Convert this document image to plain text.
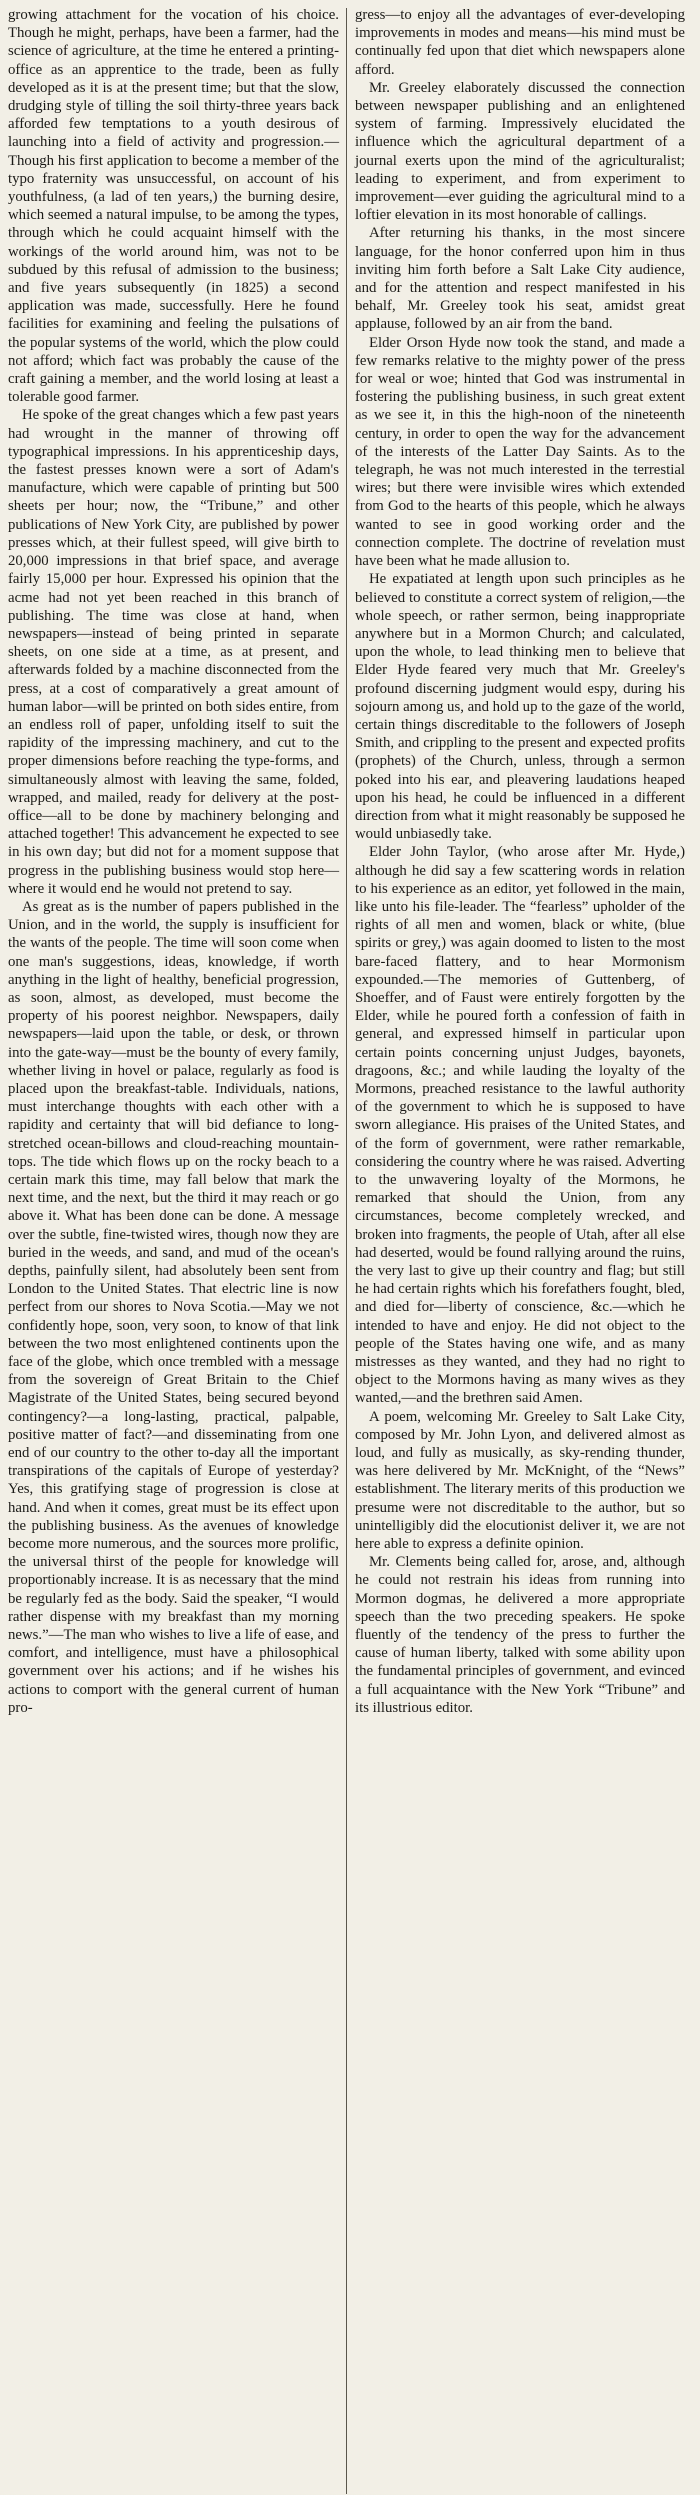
growing attachment for the vocation of his choice. Though he might, perhaps, have been a farmer, had the science of agriculture, at the time he entered a printing-office as an apprentice to the trade, been as fully developed as it is at the present time; but that the slow, drudging style of tilling the soil thirty-three years back afforded few temptations to a youth desirous of launching into a field of activity and progression.—Though his first application to become a member of the typo fraternity was unsuccessful, on account of his youthfulness, (a lad of ten years,) the burning desire, which seemed a natural impulse, to be among the types, through which he could acquaint himself with the workings of the world around him, was not to be subdued by this refusal of admission to the business; and five years subsequently (in 1825) a second application was made, successfully. Here he found facilities for examining and feeling the pulsations of the popular systems of the world, which the plow could not afford; which fact was probably the cause of the craft gaining a member, and the world losing at least a tolerable good farmer.

He spoke of the great changes which a few past years had wrought in the manner of throwing off typographical impressions. In his apprenticeship days, the fastest presses known were a sort of Adam's manufacture, which were capable of printing but 500 sheets per hour; now, the “Tribune,” and other publications of New York City, are published by power presses which, at their fullest speed, will give birth to 20,000 impressions in that brief space, and average fairly 15,000 per hour. Expressed his opinion that the acme had not yet been reached in this branch of publishing. The time was close at hand, when newspapers—instead of being printed in separate sheets, on one side at a time, as at present, and afterwards folded by a machine disconnected from the press, at a cost of comparatively a great amount of human labor—will be printed on both sides entire, from an endless roll of paper, unfolding itself to suit the rapidity of the impressing machinery, and cut to the proper dimensions before reaching the type-forms, and simultaneously almost with leaving the same, folded, wrapped, and mailed, ready for delivery at the post-office—all to be done by machinery belonging and attached together! This advancement he expected to see in his own day; but did not for a moment suppose that progress in the publishing business would stop here—where it would end he would not pretend to say.

As great as is the number of papers published in the Union, and in the world, the supply is insufficient for the wants of the people. The time will soon come when one man's suggestions, ideas, knowledge, if worth anything in the light of healthy, beneficial progression, as soon, almost, as developed, must become the property of his poorest neighbor. Newspapers, daily newspapers—laid upon the table, or desk, or thrown into the gate-way—must be the bounty of every family, whether living in hovel or palace, regularly as food is placed upon the breakfast-table. Individuals, nations, must interchange thoughts with each other with a rapidity and certainty that will bid defiance to long-stretched ocean-billows and cloud-reaching mountain-tops. The tide which flows up on the rocky beach to a certain mark this time, may fall below that mark the next time, and the next, but the third it may reach or go above it. What has been done can be done. A message over the subtle, fine-twisted wires, though now they are buried in the weeds, and sand, and mud of the ocean's depths, painfully silent, had absolutely been sent from London to the United States. That electric line is now perfect from our shores to Nova Scotia.—May we not confidently hope, soon, very soon, to know of that link between the two most enlightened continents upon the face of the globe, which once trembled with a message from the sovereign of Great Britain to the Chief Magistrate of the United States, being secured beyond contingency?—a long-lasting, practical, palpable, positive matter of fact?—and disseminating from one end of our country to the other to-day all the important transpirations of the capitals of Europe of yesterday? Yes, this gratifying stage of progression is close at hand. And when it comes, great must be its effect upon the publishing business. As the avenues of knowledge become more numerous, and the sources more prolific, the universal thirst of the people for knowledge will proportionably increase. It is as necessary that the mind be regularly fed as the body. Said the speaker, “I would rather dispense with my breakfast than my morning news.”—The man who wishes to live a life of ease, and comfort, and intelligence, must have a philosophical government over his actions; and if he wishes his actions to comport with the general current of human pro-

gress—to enjoy all the advantages of ever-developing improvements in modes and means—his mind must be continually fed upon that diet which newspapers alone afford.

Mr. Greeley elaborately discussed the connection between newspaper publishing and an enlightened system of farming. Impressively elucidated the influence which the agricultural department of a journal exerts upon the mind of the agriculturalist; leading to experiment, and from experiment to improvement—ever guiding the agricultural mind to a loftier elevation in its most honorable of callings.

After returning his thanks, in the most sincere language, for the honor conferred upon him in thus inviting him forth before a Salt Lake City audience, and for the attention and respect manifested in his behalf, Mr. Greeley took his seat, amidst great applause, followed by an air from the band.

Elder Orson Hyde now took the stand, and made a few remarks relative to the mighty power of the press for weal or woe; hinted that God was instrumental in fostering the publishing business, in such great extent as we see it, in this the high-noon of the nineteenth century, in order to open the way for the advancement of the interests of the Latter Day Saints. As to the telegraph, he was not much interested in the terrestial wires; but there were invisible wires which extended from God to the hearts of this people, which he always wanted to see in good working order and the connection complete. The doctrine of revelation must have been what he made allusion to.

He expatiated at length upon such principles as he believed to constitute a correct system of religion,—the whole speech, or rather sermon, being inappropriate anywhere but in a Mormon Church; and calculated, upon the whole, to lead thinking men to believe that Elder Hyde feared very much that Mr. Greeley's profound discerning judgment would espy, during his sojourn among us, and hold up to the gaze of the world, certain things discreditable to the followers of Joseph Smith, and crippling to the present and expected profits (prophets) of the Church, unless, through a sermon poked into his ear, and pleavering laudations heaped upon his head, he could be influenced in a different direction from what it might reasonably be supposed he would unbiasedly take.

Elder John Taylor, (who arose after Mr. Hyde,) although he did say a few scattering words in relation to his experience as an editor, yet followed in the main, like unto his file-leader. The “fearless” upholder of the rights of all men and women, black or white, (blue spirits or grey,) was again doomed to listen to the most bare-faced flattery, and to hear Mormonism expounded.—The memories of Guttenberg, of Shoeffer, and of Faust were entirely forgotten by the Elder, while he poured forth a confession of faith in general, and expressed himself in particular upon certain points concerning unjust Judges, bayonets, dragoons, &c.; and while lauding the loyalty of the Mormons, preached resistance to the lawful authority of the government to which he is supposed to have sworn allegiance. His praises of the United States, and of the form of government, were rather remarkable, considering the country where he was raised. Adverting to the unwavering loyalty of the Mormons, he remarked that should the Union, from any circumstances, become completely wrecked, and broken into fragments, the people of Utah, after all else had deserted, would be found rallying around the ruins, the very last to give up their country and flag; but still he had certain rights which his forefathers fought, bled, and died for—liberty of conscience, &c.—which he intended to have and enjoy. He did not object to the people of the States having one wife, and as many mistresses as they wanted, and they had no right to object to the Mormons having as many wives as they wanted,—and the brethren said Amen.

A poem, welcoming Mr. Greeley to Salt Lake City, composed by Mr. John Lyon, and delivered almost as loud, and fully as musically, as sky-rending thunder, was here delivered by Mr. McKnight, of the “News” establishment. The literary merits of this production we presume were not discreditable to the author, but so unintelligibly did the elocutionist deliver it, we are not here able to express a definite opinion.

Mr. Clements being called for, arose, and, although he could not restrain his ideas from running into Mormon dogmas, he delivered a more appropriate speech than the two preceding speakers. He spoke fluently of the tendency of the press to further the cause of human liberty, talked with some ability upon the fundamental principles of government, and evinced a full acquaintance with the New York “Tribune” and its illustrious editor.
